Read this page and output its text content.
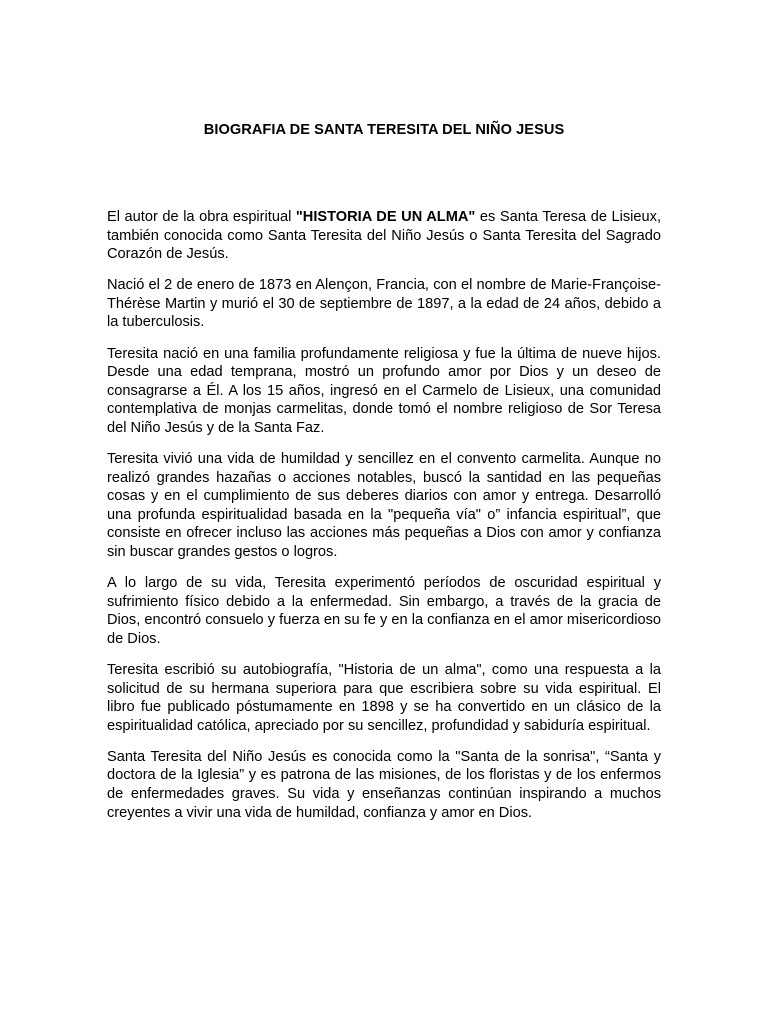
BIOGRAFIA DE SANTA TERESITA DEL NIÑO JESUS

El autor de la obra espiritual "HISTORIA DE UN ALMA" es Santa Teresa de Lisieux, también conocida como Santa Teresita del Niño Jesús o Santa Teresita del Sagrado Corazón de Jesús.

Nació el 2 de enero de 1873 en Alençon, Francia, con el nombre de Marie-Françoise-Thérèse Martin y murió el 30 de septiembre de 1897, a la edad de 24 años, debido a la tuberculosis.

Teresita nació en una familia profundamente religiosa y fue la última de nueve hijos. Desde una edad temprana, mostró un profundo amor por Dios y un deseo de consagrarse a Él. A los 15 años, ingresó en el Carmelo de Lisieux, una comunidad contemplativa de monjas carmelitas, donde tomó el nombre religioso de Sor Teresa del Niño Jesús y de la Santa Faz.

Teresita vivió una vida de humildad y sencillez en el convento carmelita. Aunque no realizó grandes hazañas o acciones notables, buscó la santidad en las pequeñas cosas y en el cumplimiento de sus deberes diarios con amor y entrega. Desarrolló una profunda espiritualidad basada en la "pequeña vía" o” infancia espiritual”, que consiste en ofrecer incluso las acciones más pequeñas a Dios con amor y confianza sin buscar grandes gestos o logros.

A lo largo de su vida, Teresita experimentó períodos de oscuridad espiritual y sufrimiento físico debido a la enfermedad. Sin embargo, a través de la gracia de Dios, encontró consuelo y fuerza en su fe y en la confianza en el amor misericordioso de Dios.

Teresita escribió su autobiografía, "Historia de un alma", como una respuesta a la solicitud de su hermana superiora para que escribiera sobre su vida espiritual. El libro fue publicado póstumamente en 1898 y se ha convertido en un clásico de la espiritualidad católica, apreciado por su sencillez, profundidad y sabiduría espiritual.

Santa Teresita del Niño Jesús es conocida como la "Santa de la sonrisa", “Santa y doctora de la Iglesia” y es patrona de las misiones, de los floristas y de los enfermos de enfermedades graves. Su vida y enseñanzas continúan inspirando a muchos creyentes a vivir una vida de humildad, confianza y amor en Dios.
